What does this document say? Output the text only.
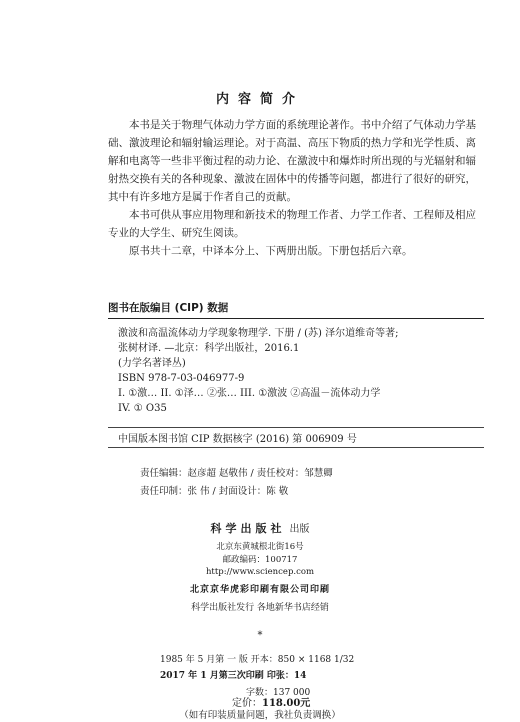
内容简介

本书是关于物理气体动力学方面的系统理论著作。书中介绍了气体动力学基础、激波理论和辐射输运理论。对于高温、高压下物质的热力学和光学性质、离解和电离等一些非平衡过程的动力论、在激波中和爆炸时所出现的与光辐射和辐射热交换有关的各种现象、激波在固体中的传播等问题，都进行了很好的研究，其中有许多地方是属于作者自己的贡献。

本书可供从事应用物理和新技术的物理工作者、力学工作者、工程师及相应专业的大学生、研究生阅读。

原书共十二章，中译本分上、下两册出版。下册包括后六章。

图书在版编目 (CIP) 数据
激波和高温流体动力学现象物理学. 下册 / (苏) 泽尔道维奇等著;
张树材译. —北京：科学出版社，2016.1
(力学名著译丛)
ISBN 978-7-03-046977-9
I. ①激… II. ①泽… ②张… III. ①激波 ②高温－流体动力学
IV. ① O35
中国版本图书馆 CIP 数据核字 (2016) 第 006909 号
责任编辑：赵彦超 赵敬伟 / 责任校对：邹慧卿
责任印制：张 伟 / 封面设计：陈 敬
科学出版社 出版
北京东黄城根北街16号
邮政编码：100717
http://www.sciencep.com
北京京华虎彩印刷有限公司印刷
科学出版社发行 各地新华书店经销
*
1985 年 5 月第 一 版 开本：850 × 1168 1/32
2017 年 1 月第三次印刷 印张：14
字数：137 000
定价：118.00元
（如有印装质量问题，我社负责调换）
